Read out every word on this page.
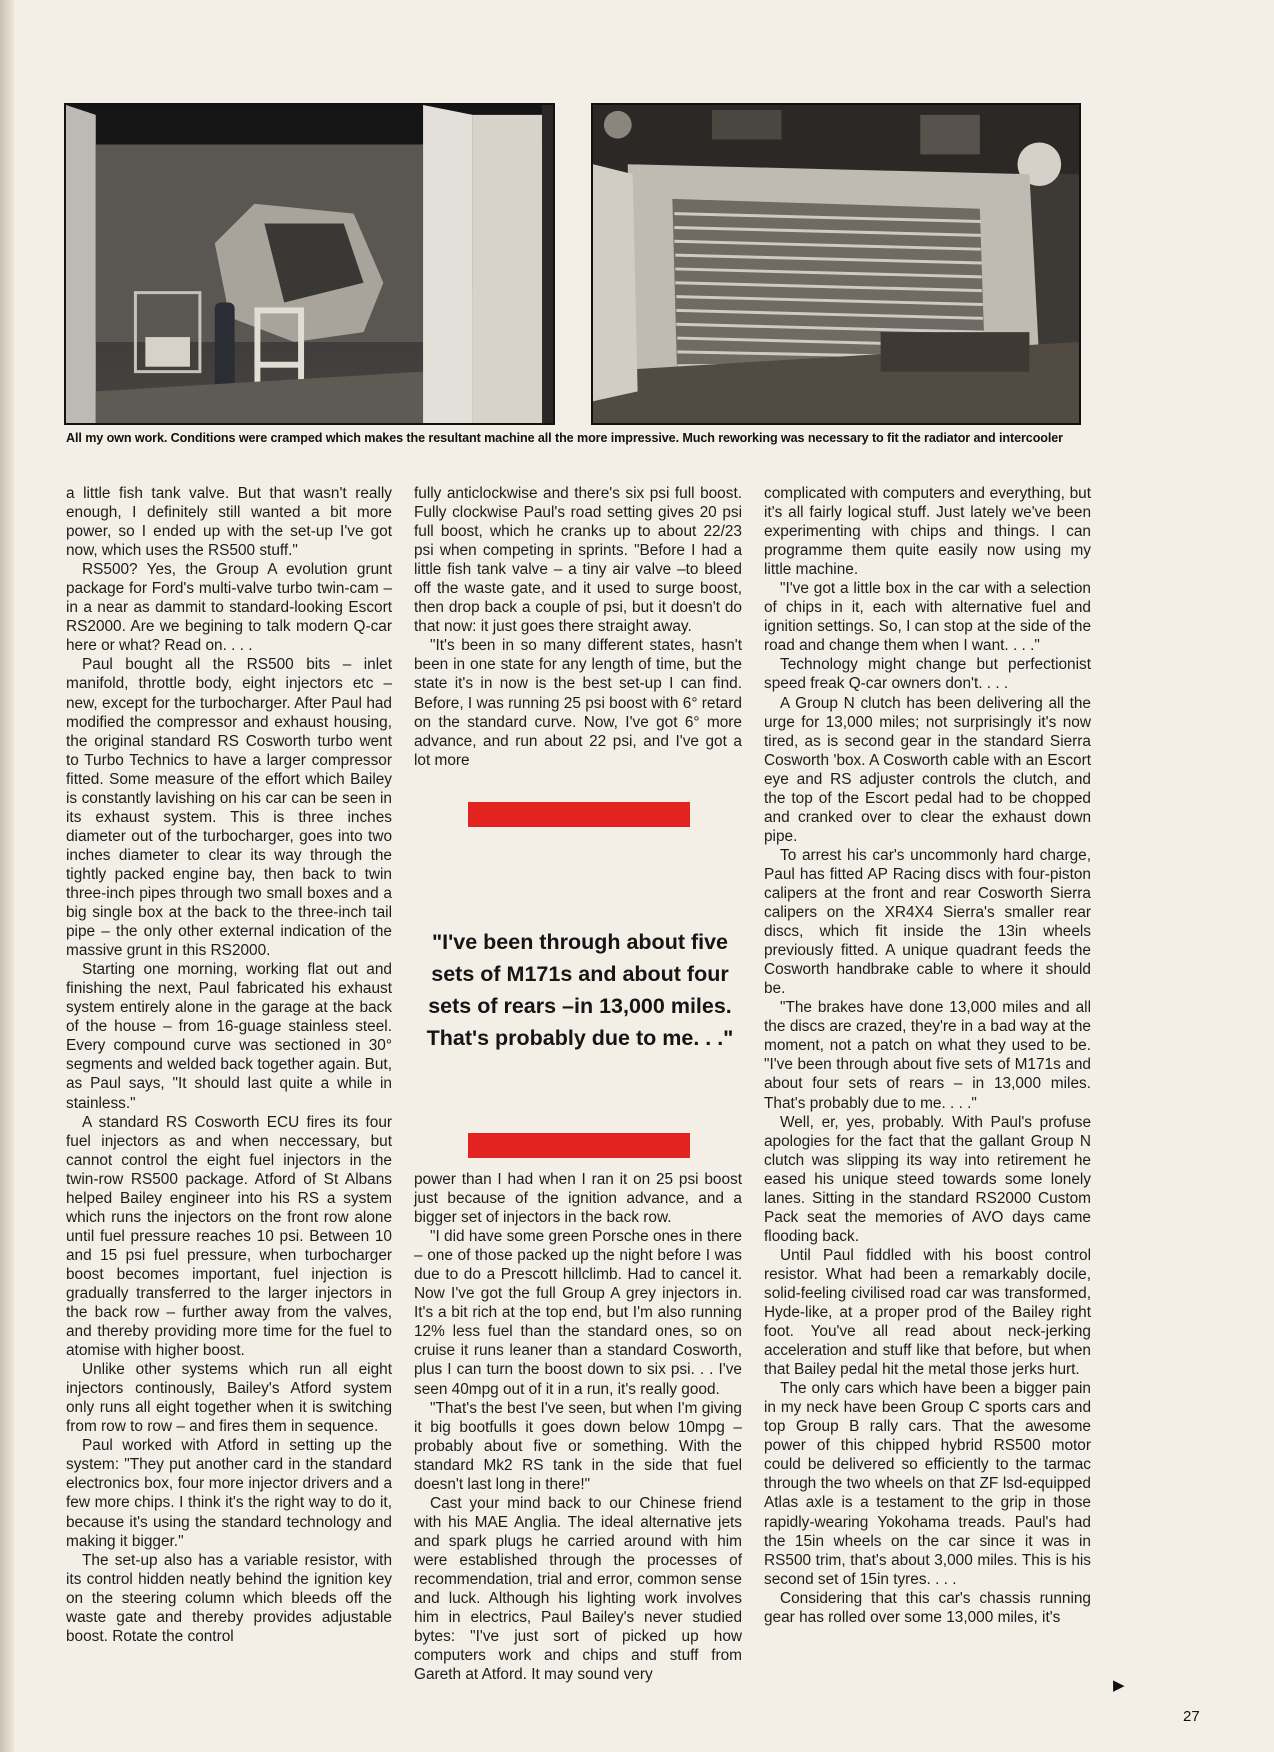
All my own work. Conditions were cramped which makes the resultant machine all the more impressive. Much reworking was necessary to fit the radiator and intercooler

a little fish tank valve. But that wasn't really enough, I definitely still wanted a bit more power, so I ended up with the set-up I've got now, which uses the RS500 stuff."

RS500? Yes, the Group A evolution grunt package for Ford's multi-valve turbo twin-cam – in a near as dammit to standard-looking Escort RS2000. Are we begining to talk modern Q-car here or what? Read on. . . .

Paul bought all the RS500 bits – inlet manifold, throttle body, eight injectors etc – new, except for the turbocharger. After Paul had modified the compressor and exhaust housing, the original standard RS Cosworth turbo went to Turbo Technics to have a larger compressor fitted. Some measure of the effort which Bailey is constantly lavishing on his car can be seen in its exhaust system. This is three inches diameter out of the turbocharger, goes into two inches diameter to clear its way through the tightly packed engine bay, then back to twin three-inch pipes through two small boxes and a big single box at the back to the three-inch tail pipe – the only other external indication of the massive grunt in this RS2000.

Starting one morning, working flat out and finishing the next, Paul fabricated his exhaust system entirely alone in the garage at the back of the house – from 16-guage stainless steel. Every compound curve was sectioned in 30° segments and welded back together again. But, as Paul says, "It should last quite a while in stainless."

A standard RS Cosworth ECU fires its four fuel injectors as and when neccessary, but cannot control the eight fuel injectors in the twin-row RS500 package. Atford of St Albans helped Bailey engineer into his RS a system which runs the injectors on the front row alone until fuel pressure reaches 10 psi. Between 10 and 15 psi fuel pressure, when turbocharger boost becomes important, fuel injection is gradually transferred to the larger injectors in the back row – further away from the valves, and thereby providing more time for the fuel to atomise with higher boost.

Unlike other systems which run all eight injectors continously, Bailey's Atford system only runs all eight together when it is switching from row to row – and fires them in sequence.

Paul worked with Atford in setting up the system: "They put another card in the standard electronics box, four more injector drivers and a few more chips. I think it's the right way to do it, because it's using the standard technology and making it bigger."

The set-up also has a variable resistor, with its control hidden neatly behind the ignition key on the steering column which bleeds off the waste gate and thereby provides adjustable boost. Rotate the control

fully anticlockwise and there's six psi full boost. Fully clockwise Paul's road setting gives 20 psi full boost, which he cranks up to about 22/23 psi when competing in sprints. "Before I had a little fish tank valve – a tiny air valve –to bleed off the waste gate, and it used to surge boost, then drop back a couple of psi, but it doesn't do that now: it just goes there straight away.

"It's been in so many different states, hasn't been in one state for any length of time, but the state it's in now is the best set-up I can find. Before, I was running 25 psi boost with 6° retard on the standard curve. Now, I've got 6° more advance, and run about 22 psi, and I've got a lot more

"I've been through about five sets of M171s and about four sets of rears –in 13,000 miles. That's probably due to me. . ."

power than I had when I ran it on 25 psi boost just because of the ignition advance, and a bigger set of injectors in the back row.

"I did have some green Porsche ones in there – one of those packed up the night before I was due to do a Prescott hillclimb. Had to cancel it. Now I've got the full Group A grey injectors in. It's a bit rich at the top end, but I'm also running 12% less fuel than the standard ones, so on cruise it runs leaner than a standard Cosworth, plus I can turn the boost down to six psi. . . I've seen 40mpg out of it in a run, it's really good.

"That's the best I've seen, but when I'm giving it big bootfulls it goes down below 10mpg – probably about five or something. With the standard Mk2 RS tank in the side that fuel doesn't last long in there!"

Cast your mind back to our Chinese friend with his MAE Anglia. The ideal alternative jets and spark plugs he carried around with him were established through the processes of recommendation, trial and error, common sense and luck. Although his lighting work involves him in electrics, Paul Bailey's never studied bytes: "I've just sort of picked up how computers work and chips and stuff from Gareth at Atford. It may sound very

complicated with computers and everything, but it's all fairly logical stuff. Just lately we've been experimenting with chips and things. I can programme them quite easily now using my little machine.

"I've got a little box in the car with a selection of chips in it, each with alternative fuel and ignition settings. So, I can stop at the side of the road and change them when I want. . . ."

Technology might change but perfectionist speed freak Q-car owners don't. . . .

A Group N clutch has been delivering all the urge for 13,000 miles; not surprisingly it's now tired, as is second gear in the standard Sierra Cosworth 'box. A Cosworth cable with an Escort eye and RS adjuster controls the clutch, and the top of the Escort pedal had to be chopped and cranked over to clear the exhaust down pipe.

To arrest his car's uncommonly hard charge, Paul has fitted AP Racing discs with four-piston calipers at the front and rear Cosworth Sierra calipers on the XR4X4 Sierra's smaller rear discs, which fit inside the 13in wheels previously fitted. A unique quadrant feeds the Cosworth handbrake cable to where it should be.

"The brakes have done 13,000 miles and all the discs are crazed, they're in a bad way at the moment, not a patch on what they used to be. "I've been through about five sets of M171s and about four sets of rears – in 13,000 miles. That's probably due to me. . . ."

Well, er, yes, probably. With Paul's profuse apologies for the fact that the gallant Group N clutch was slipping its way into retirement he eased his unique steed towards some lonely lanes. Sitting in the standard RS2000 Custom Pack seat the memories of AVO days came flooding back.

Until Paul fiddled with his boost control resistor. What had been a remarkably docile, solid-feeling civilised road car was transformed, Hyde-like, at a proper prod of the Bailey right foot. You've all read about neck-jerking acceleration and stuff like that before, but when that Bailey pedal hit the metal those jerks hurt.

The only cars which have been a bigger pain in my neck have been Group C sports cars and top Group B rally cars. That the awesome power of this chipped hybrid RS500 motor could be delivered so efficiently to the tarmac through the two wheels on that ZF lsd-equipped Atlas axle is a testament to the grip in those rapidly-wearing Yokohama treads. Paul's had the 15in wheels on the car since it was in RS500 trim, that's about 3,000 miles. This is his second set of 15in tyres. . . .

Considering that this car's chassis running gear has rolled over some 13,000 miles, it's

▶
27
